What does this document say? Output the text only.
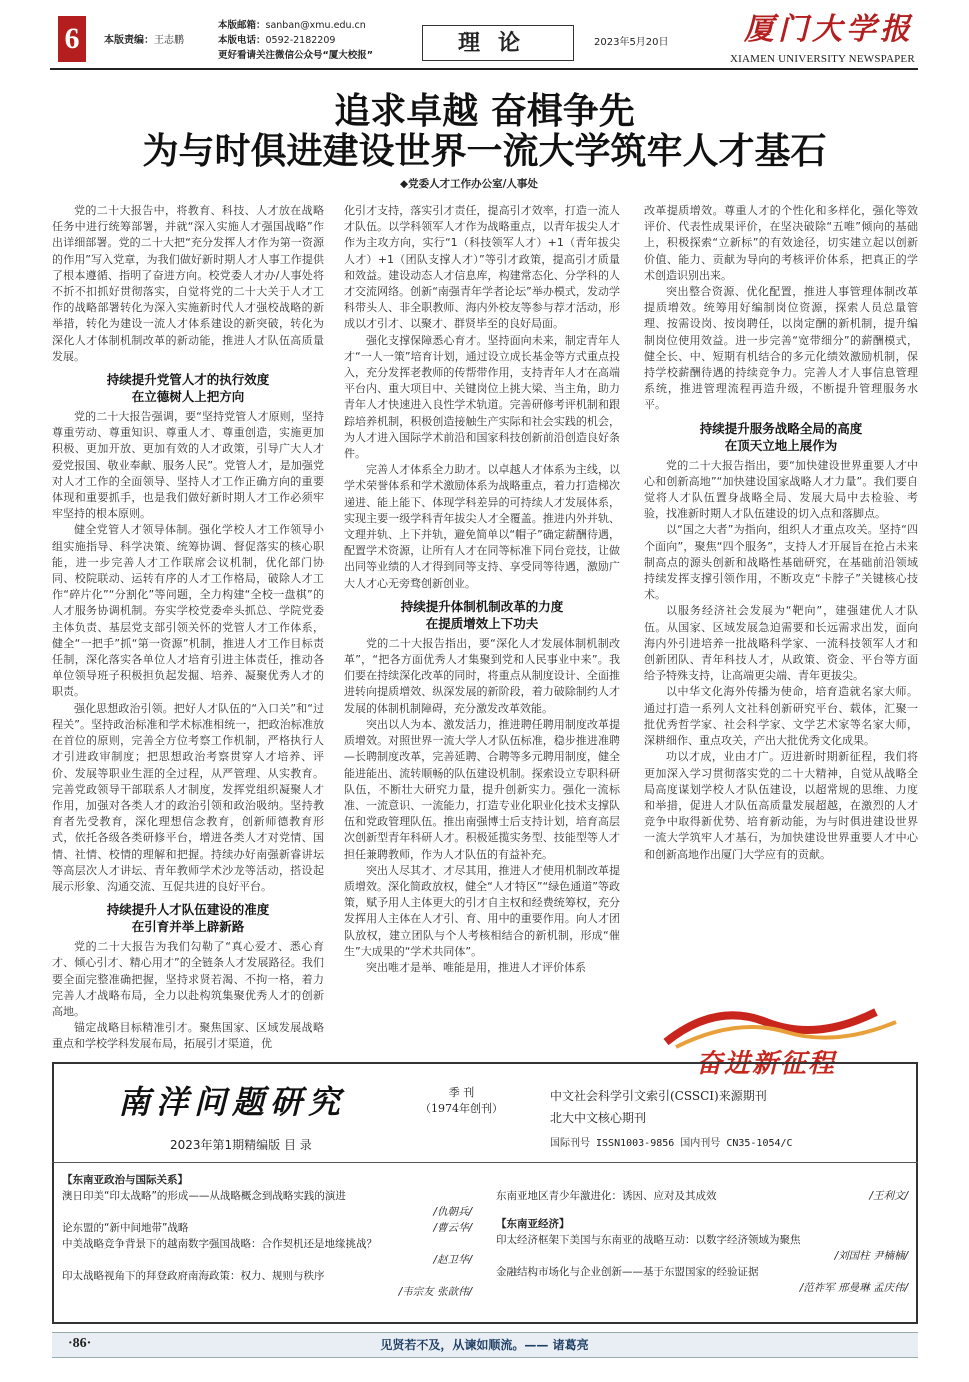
6	本版责编：王志鹏
本版邮箱：sanban@xmu.edu.cn
本版电话：0592-2182209
更好看请关注微信公众号“厦大校报”	理论	2023年5月20日	厦门大学报
XIAMEN UNIVERSITY NEWSPAPER
追求卓越 奋楫争先
为与时俱进建设世界一流大学筑牢人才基石
◆党委人才工作办公室/人事处

党的二十大报告中，将教育、科技、人才放在战略任务中进行统筹部署，并就“深入实施人才强国战略”作出详细部署。党的二十大把“充分发挥人才作为第一资源的作用”写入党章，为我们做好新时期人才人事工作提供了根本遵循、指明了奋进方向。校党委人才办/人事处将不折不扣抓好贯彻落实，自觉将党的二十大关于人才工作的战略部署转化为深入实施新时代人才强校战略的新举措，转化为建设一流人才体系建设的新突破，转化为深化人才体制机制改革的新动能，推进人才队伍高质量发展。

持续提升党管人才的执行效度
在立德树人上把方向

党的二十大报告强调，要“坚持党管人才原则，坚持尊重劳动、尊重知识、尊重人才、尊重创造，实施更加积极、更加开放、更加有效的人才政策，引导广大人才爱党报国、敬业奉献、服务人民”。党管人才，是加强党对人才工作的全面领导、坚持人才工作正确方向的重要体现和重要抓手，也是我们做好新时期人才工作必须牢牢坚持的根本原则。

健全党管人才领导体制。强化学校人才工作领导小组实施指导、科学决策、统筹协调、督促落实的核心职能，进一步完善人才工作联席会议机制，优化部门协同、校院联动、运转有序的人才工作格局，破除人才工作“碎片化”“分割化”等问题，全力构建“全校一盘棋”的人才服务协调机制。夯实学校党委牵头抓总、学院党委主体负责、基层党支部引领关怀的党管人才工作体系，健全“一把手”抓“第一资源”机制，推进人才工作目标责任制，深化落实各单位人才培育引进主体责任，推动各单位领导班子积极担负起发掘、培养、凝聚优秀人才的职责。

强化思想政治引领。把好人才队伍的“入口关”和“过程关”。坚持政治标准和学术标准相统一，把政治标准放在首位的原则，完善全方位考察工作机制，严格执行人才引进政审制度；把思想政治考察贯穿人才培养、评价、发展等职业生涯的全过程，从严管理、从实教育。完善党政领导干部联系人才制度，发挥党组织凝聚人才作用，加强对各类人才的政治引领和政治吸纳。坚持教育者先受教育，深化理想信念教育，创新师德教育形式，依托各级各类研修平台，增进各类人才对党情、国情、社情、校情的理解和把握。持续办好南强新睿讲坛等高层次人才讲坛、青年教师学术沙龙等活动，搭设起展示形象、沟通交流、互促共进的良好平台。

持续提升人才队伍建设的准度
在引育并举上辟新路

党的二十大报告为我们勾勒了“真心爱才、悉心育才、倾心引才、精心用才”的全链条人才发展路径。我们要全面完整准确把握，坚持求贤若渴、不拘一格，着力完善人才战略布局，全力以赴构筑集聚优秀人才的创新高地。

锚定战略目标精准引才。聚焦国家、区域发展战略重点和学校学科发展布局，拓展引才渠道，优

化引才支持，落实引才责任，提高引才效率，打造一流人才队伍。以学科领军人才作为战略重点，以青年拔尖人才作为主攻方向，实行“1（科技领军人才）+1（青年拔尖人才）+1（团队支撑人才）”等引才政策，提高引才质量和效益。建设动态人才信息库，构建常态化、分学科的人才交流网络。创新“南强青年学者论坛”举办模式，发动学科带头人、非全职教师、海内外校友等参与荐才活动，形成以才引才、以聚才、群贤毕至的良好局面。

强化支撑保障悉心育才。坚持面向未来，制定青年人才“一人一策”培育计划，通过设立成长基金等方式重点投入，充分发挥老教师的传帮带作用，支持青年人才在高端平台内、重大项目中、关键岗位上挑大梁、当主角，助力青年人才快速进入良性学术轨道。完善研修考评机制和跟踪培养机制，积极创造接触生产实际和社会实践的机会，为人才进入国际学术前沿和国家科技创新前沿创造良好条件。

完善人才体系全力助才。以卓越人才体系为主线，以学术荣誉体系和学术激励体系为战略重点，着力打造梯次递进、能上能下、体现学科差异的可持续人才发展体系，实现主要一级学科青年拔尖人才全覆盖。推进内外并轨、文理并轨、上下并轨，避免简单以“帽子”确定薪酬待遇，配置学术资源，让所有人才在同等标准下同台竞技，让做出同等业绩的人才得到同等支持、享受同等待遇，激励广大人才心无旁骛创新创业。

持续提升体制机制改革的力度
在提质增效上下功夫

党的二十大报告指出，要“深化人才发展体制机制改革”，“把各方面优秀人才集聚到党和人民事业中来”。我们要在持续深化改革的同时，将重点从制度设计、全面推进转向提质增效、纵深发展的新阶段，着力破除制约人才发展的体制机制障碍，充分激发改革效能。

突出以人为本、激发活力，推进聘任聘用制度改革提质增效。对照世界一流大学人才队伍标准，稳步推进准聘—长聘制度改革，完善延聘、合聘等多元聘用制度，健全能进能出、流转顺畅的队伍建设机制。探索设立专职科研队伍，不断壮大研究力量，提升创新实力。强化一流标准、一流意识、一流能力，打造专业化职业化技术支撑队伍和党政管理队伍。推出南强博士后支持计划，培育高层次创新型青年科研人才。积极延揽实务型、技能型等人才担任兼聘教师，作为人才队伍的有益补充。

突出人尽其才、才尽其用，推进人才使用机制改革提质增效。深化简政放权，健全“人才特区”“绿色通道”等政策，赋予用人主体更大的引才自主权和经费统筹权，充分发挥用人主体在人才引、育、用中的重要作用。向人才团队放权，建立团队与个人考核相结合的新机制，形成“催生”大成果的“学术共同体”。

突出唯才是举、唯能是用，推进人才评价体系

改革提质增效。尊重人才的个性化和多样化，强化等效评价、代表性成果评价，在坚决破除“五唯”倾向的基础上，积极探索“立新标”的有效途径，切实建立起以创新价值、能力、贡献为导向的考核评价体系，把真正的学术创造识别出来。

突出整合资源、优化配置，推进人事管理体制改革提质增效。统筹用好编制岗位资源，探索人员总量管理、按需设岗、按岗聘任，以岗定酬的新机制，提升编制岗位使用效益。进一步完善“宽带细分”的薪酬模式，健全长、中、短期有机结合的多元化绩效激励机制，保持学校薪酬待遇的持续竞争力。完善人才人事信息管理系统，推进管理流程再造升级，不断提升管理服务水平。

持续提升服务战略全局的高度
在顶天立地上展作为

党的二十大报告指出，要“加快建设世界重要人才中心和创新高地”“加快建设国家战略人才力量”。我们要自觉将人才队伍置身战略全局、发展大局中去检验、考验，找准新时期人才队伍建设的切入点和落脚点。

以“国之大者”为指向，组织人才重点攻关。坚持“四个面向”，聚焦“四个服务”，支持人才开展旨在抢占未来制高点的源头创新和战略性基础研究，在基础前沿领域持续发挥支撑引领作用，不断攻克“卡脖子”关键核心技术。

以服务经济社会发展为“靶向”，建强建优人才队伍。从国家、区域发展急迫需要和长远需求出发，面向海内外引进培养一批战略科学家、一流科技领军人才和创新团队、青年科技人才，从政策、资金、平台等方面给予特殊支持，让高端更尖端、青年更拔尖。

以中华文化海外传播为使命，培育造就名家大师。通过打造一系列人文社科创新研究平台、载体，汇聚一批优秀哲学家、社会科学家、文学艺术家等名家大师，深耕细作、重点攻关，产出大批优秀文化成果。

功以才成，业由才广。迈进新时期新征程，我们将更加深入学习贯彻落实党的二十大精神，自觉从战略全局高度谋划学校人才队伍建设，以超常规的思维、力度和举措，促进人才队伍高质量发展超越，在激烈的人才竞争中取得新优势、培育新动能，为与时俱进建设世界一流大学筑牢人才基石，为加快建设世界重要人才中心和创新高地作出厦门大学应有的贡献。

奋进新征程
南洋问题研究	季 刊
（1974年创刊）
中文社会科学引文索引(CSSCI)来源期刊
北大中文核心期刊
2023年第1期精编版 目 录	国际刊号 ISSN1003-9856 国内刊号 CN35-1054/C
【东南亚政治与国际关系】
澳日印美“印太战略”的形成——从战略概念到战略实践的演进
/仇朝兵/
论东盟的“新中间地带”战略	/曹云华/
中美战略竞争背景下的越南数字强国战略：合作契机还是地缘挑战？
/赵卫华/
印太战略视角下的拜登政府南海政策：权力、规则与秩序
/韦宗友 张歆伟/
东南亚地区青少年激进化：诱因、应对及其成效	/王利文/
【东南亚经济】
印太经济框架下美国与东南亚的战略互动：以数字经济领域为聚焦
/刘国柱 尹楠楠/
金融结构市场化与企业创新——基于东盟国家的经验证据
/范祚军 邢曼琳 孟庆伟/
·86·	见贤若不及，从谏如顺流。—— 诸葛亮
